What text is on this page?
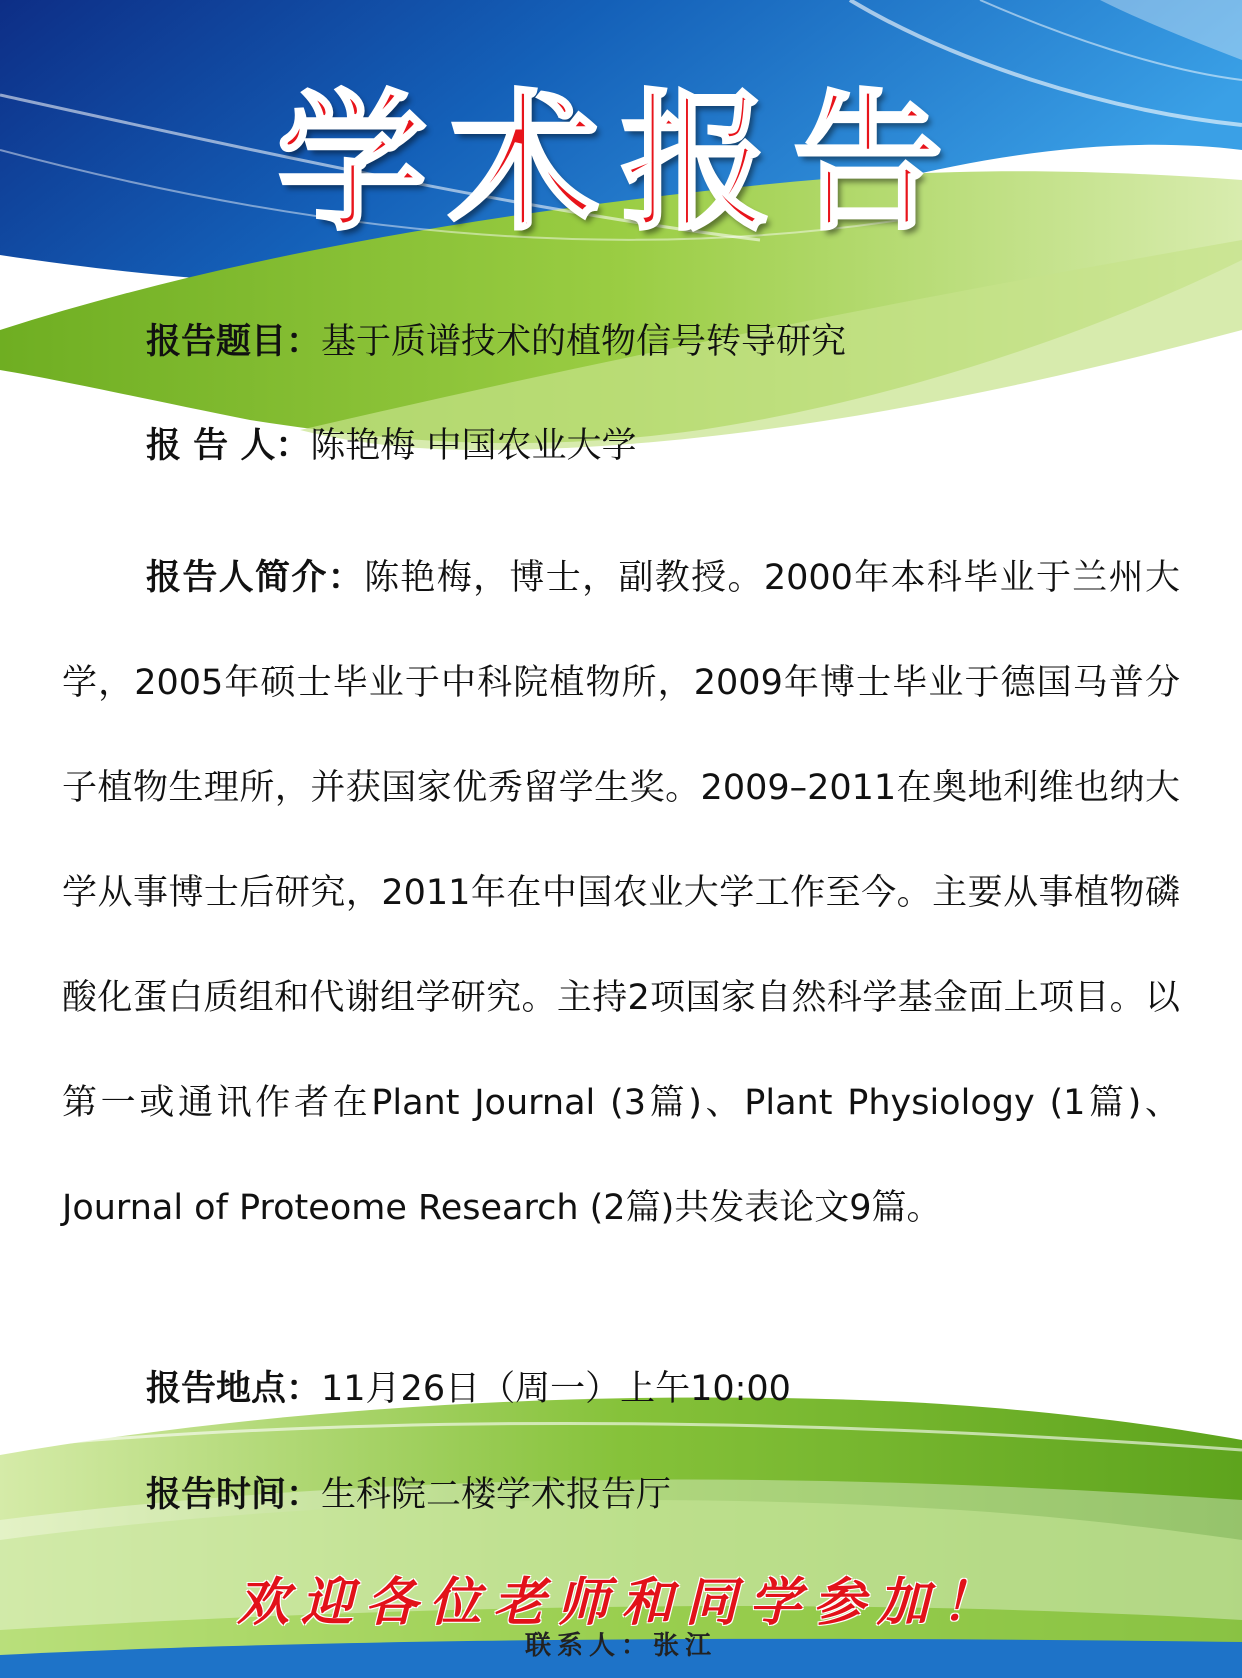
学术报告
报告题目：基于质谱技术的植物信号转导研究
报 告 人：陈艳梅 中国农业大学
报告人简介：陈艳梅，博士，副教授。2000年本科毕业于兰州大学，2005年硕士毕业于中科院植物所，2009年博士毕业于德国马普分子植物生理所，并获国家优秀留学生奖。2009–2011在奥地利维也纳大学从事博士后研究，2011年在中国农业大学工作至今。主要从事植物磷酸化蛋白质组和代谢组学研究。主持2项国家自然科学基金面上项目。以第一或通讯作者在Plant Journal (3篇)、Plant Physiology (1篇)、Journal of Proteome Research (2篇)共发表论文9篇。
报告地点：11月26日（周一）上午10:00
报告时间：生科院二楼学术报告厅
欢迎各位老师和同学参加！
联系人：张江
